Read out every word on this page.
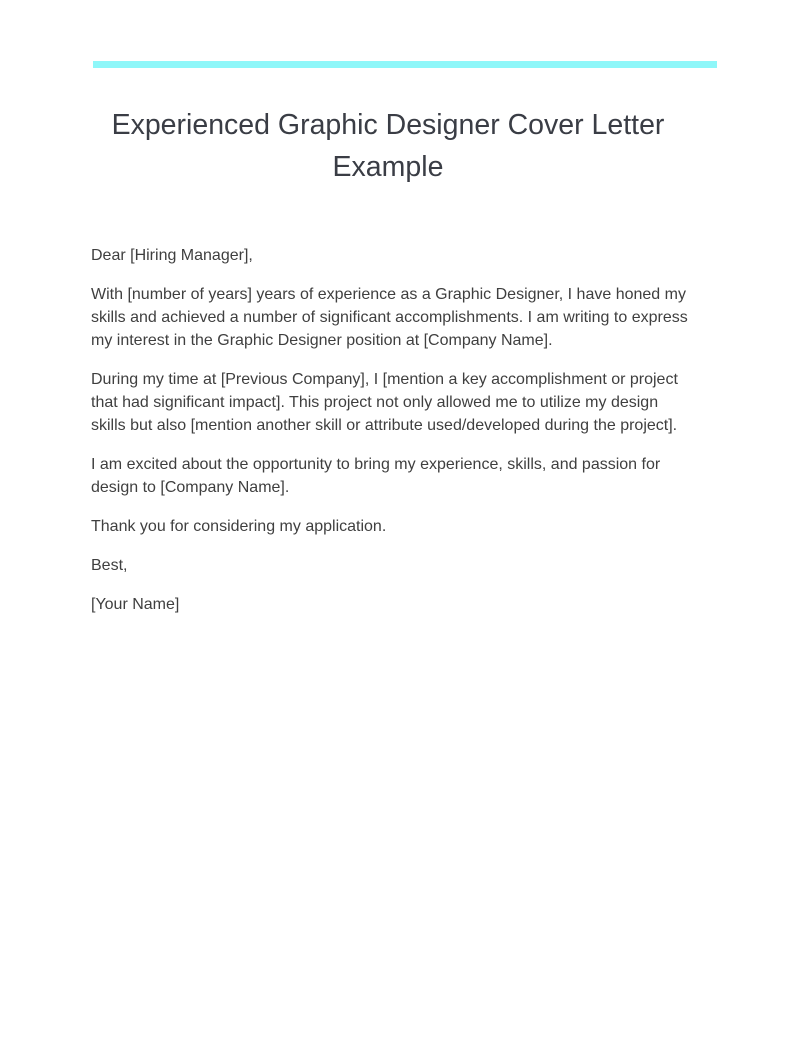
Experienced Graphic Designer Cover Letter Example

Dear [Hiring Manager],

With [number of years] years of experience as a Graphic Designer, I have honed my skills and achieved a number of significant accomplishments. I am writing to express my interest in the Graphic Designer position at [Company Name].

During my time at [Previous Company], I [mention a key accomplishment or project that had significant impact]. This project not only allowed me to utilize my design skills but also [mention another skill or attribute used/developed during the project].

I am excited about the opportunity to bring my experience, skills, and passion for design to [Company Name].

Thank you for considering my application.

Best,

[Your Name]
